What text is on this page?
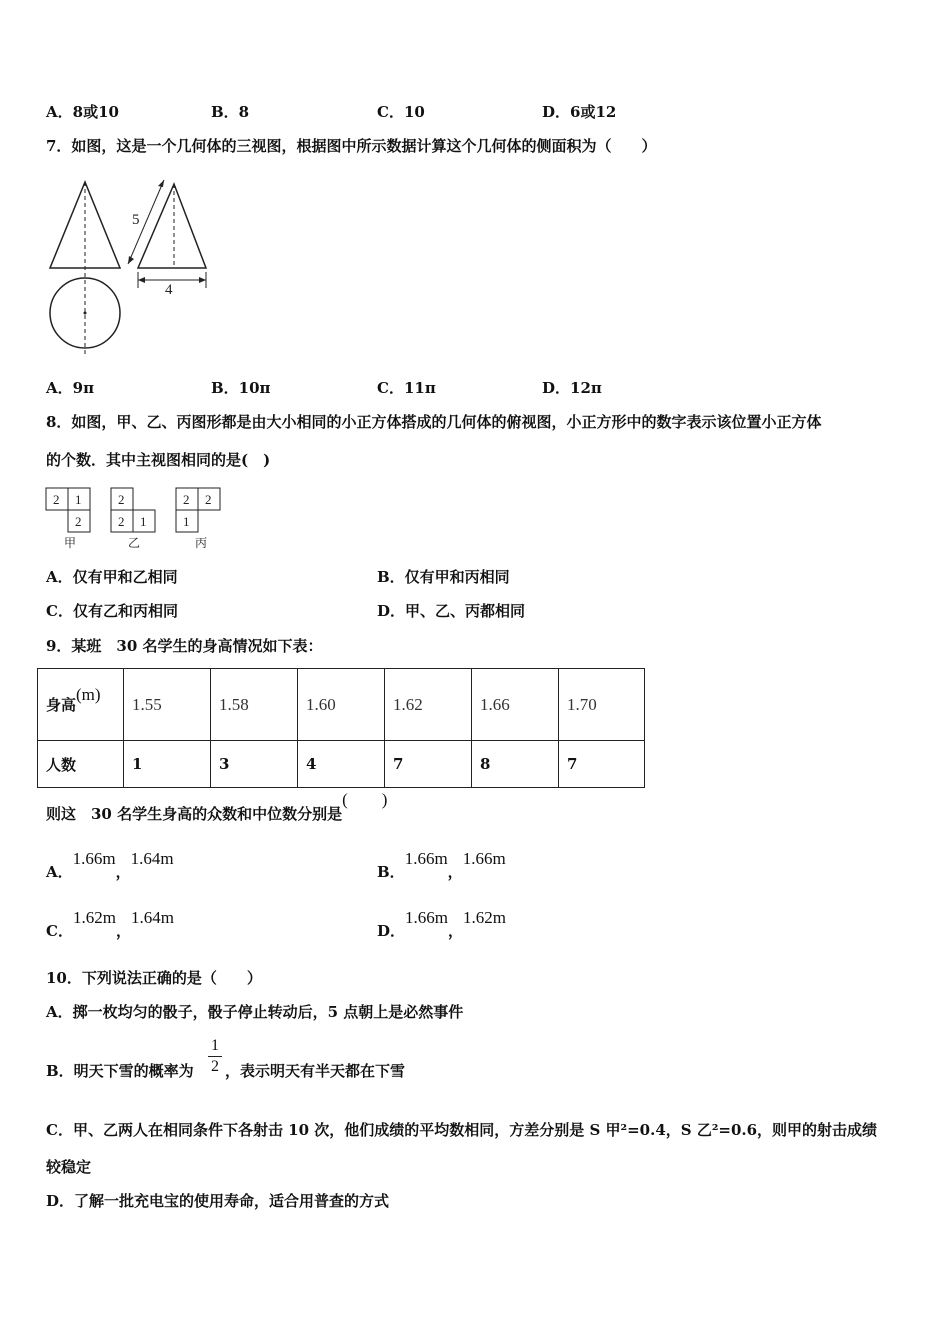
A．8或10	B．8	C．10	D．6或12
7．如图，这是一个几何体的三视图，根据图中所示数据计算这个几何体的侧面积为（　　）
5
4
A．9π	B．10π	C．11π	D．12π
8．如图，甲、乙、丙图形都是由大小相同的小正方体搭成的几何体的俯视图，小正方形中的数字表示该位置小正方体
的个数．其中主视图相同的是(　)
2 1
2
甲
2
2 1
乙
2 2
1
丙
A．仅有甲和乙相同	B．仅有甲和丙相同
C．仅有乙和丙相同	D．甲、乙、丙都相同
9．某班　30 名学生的身高情况如下表：
身高(m)	1.55	1.58	1.60	1.62	1.66	1.70
人数	1	3	4	7	8	7
则这　30 名学生身高的众数和中位数分别是(　　)
A．1.66m，1.64m
B．1.66m，1.66m
C．1.62m，1.64m
D．1.66m，1.62m
10．下列说法正确的是（　　）
A．掷一枚均匀的骰子，骰子停止转动后，5 点朝上是必然事件
B．明天下雪的概率为
1
2 ，表示明天有半天都在下雪
C．甲、乙两人在相同条件下各射击 10 次，他们成绩的平均数相同，方差分别是 S 甲²=0.4，S 乙²=0.6，则甲的射击成绩
较稳定
D．了解一批充电宝的使用寿命，适合用普查的方式
